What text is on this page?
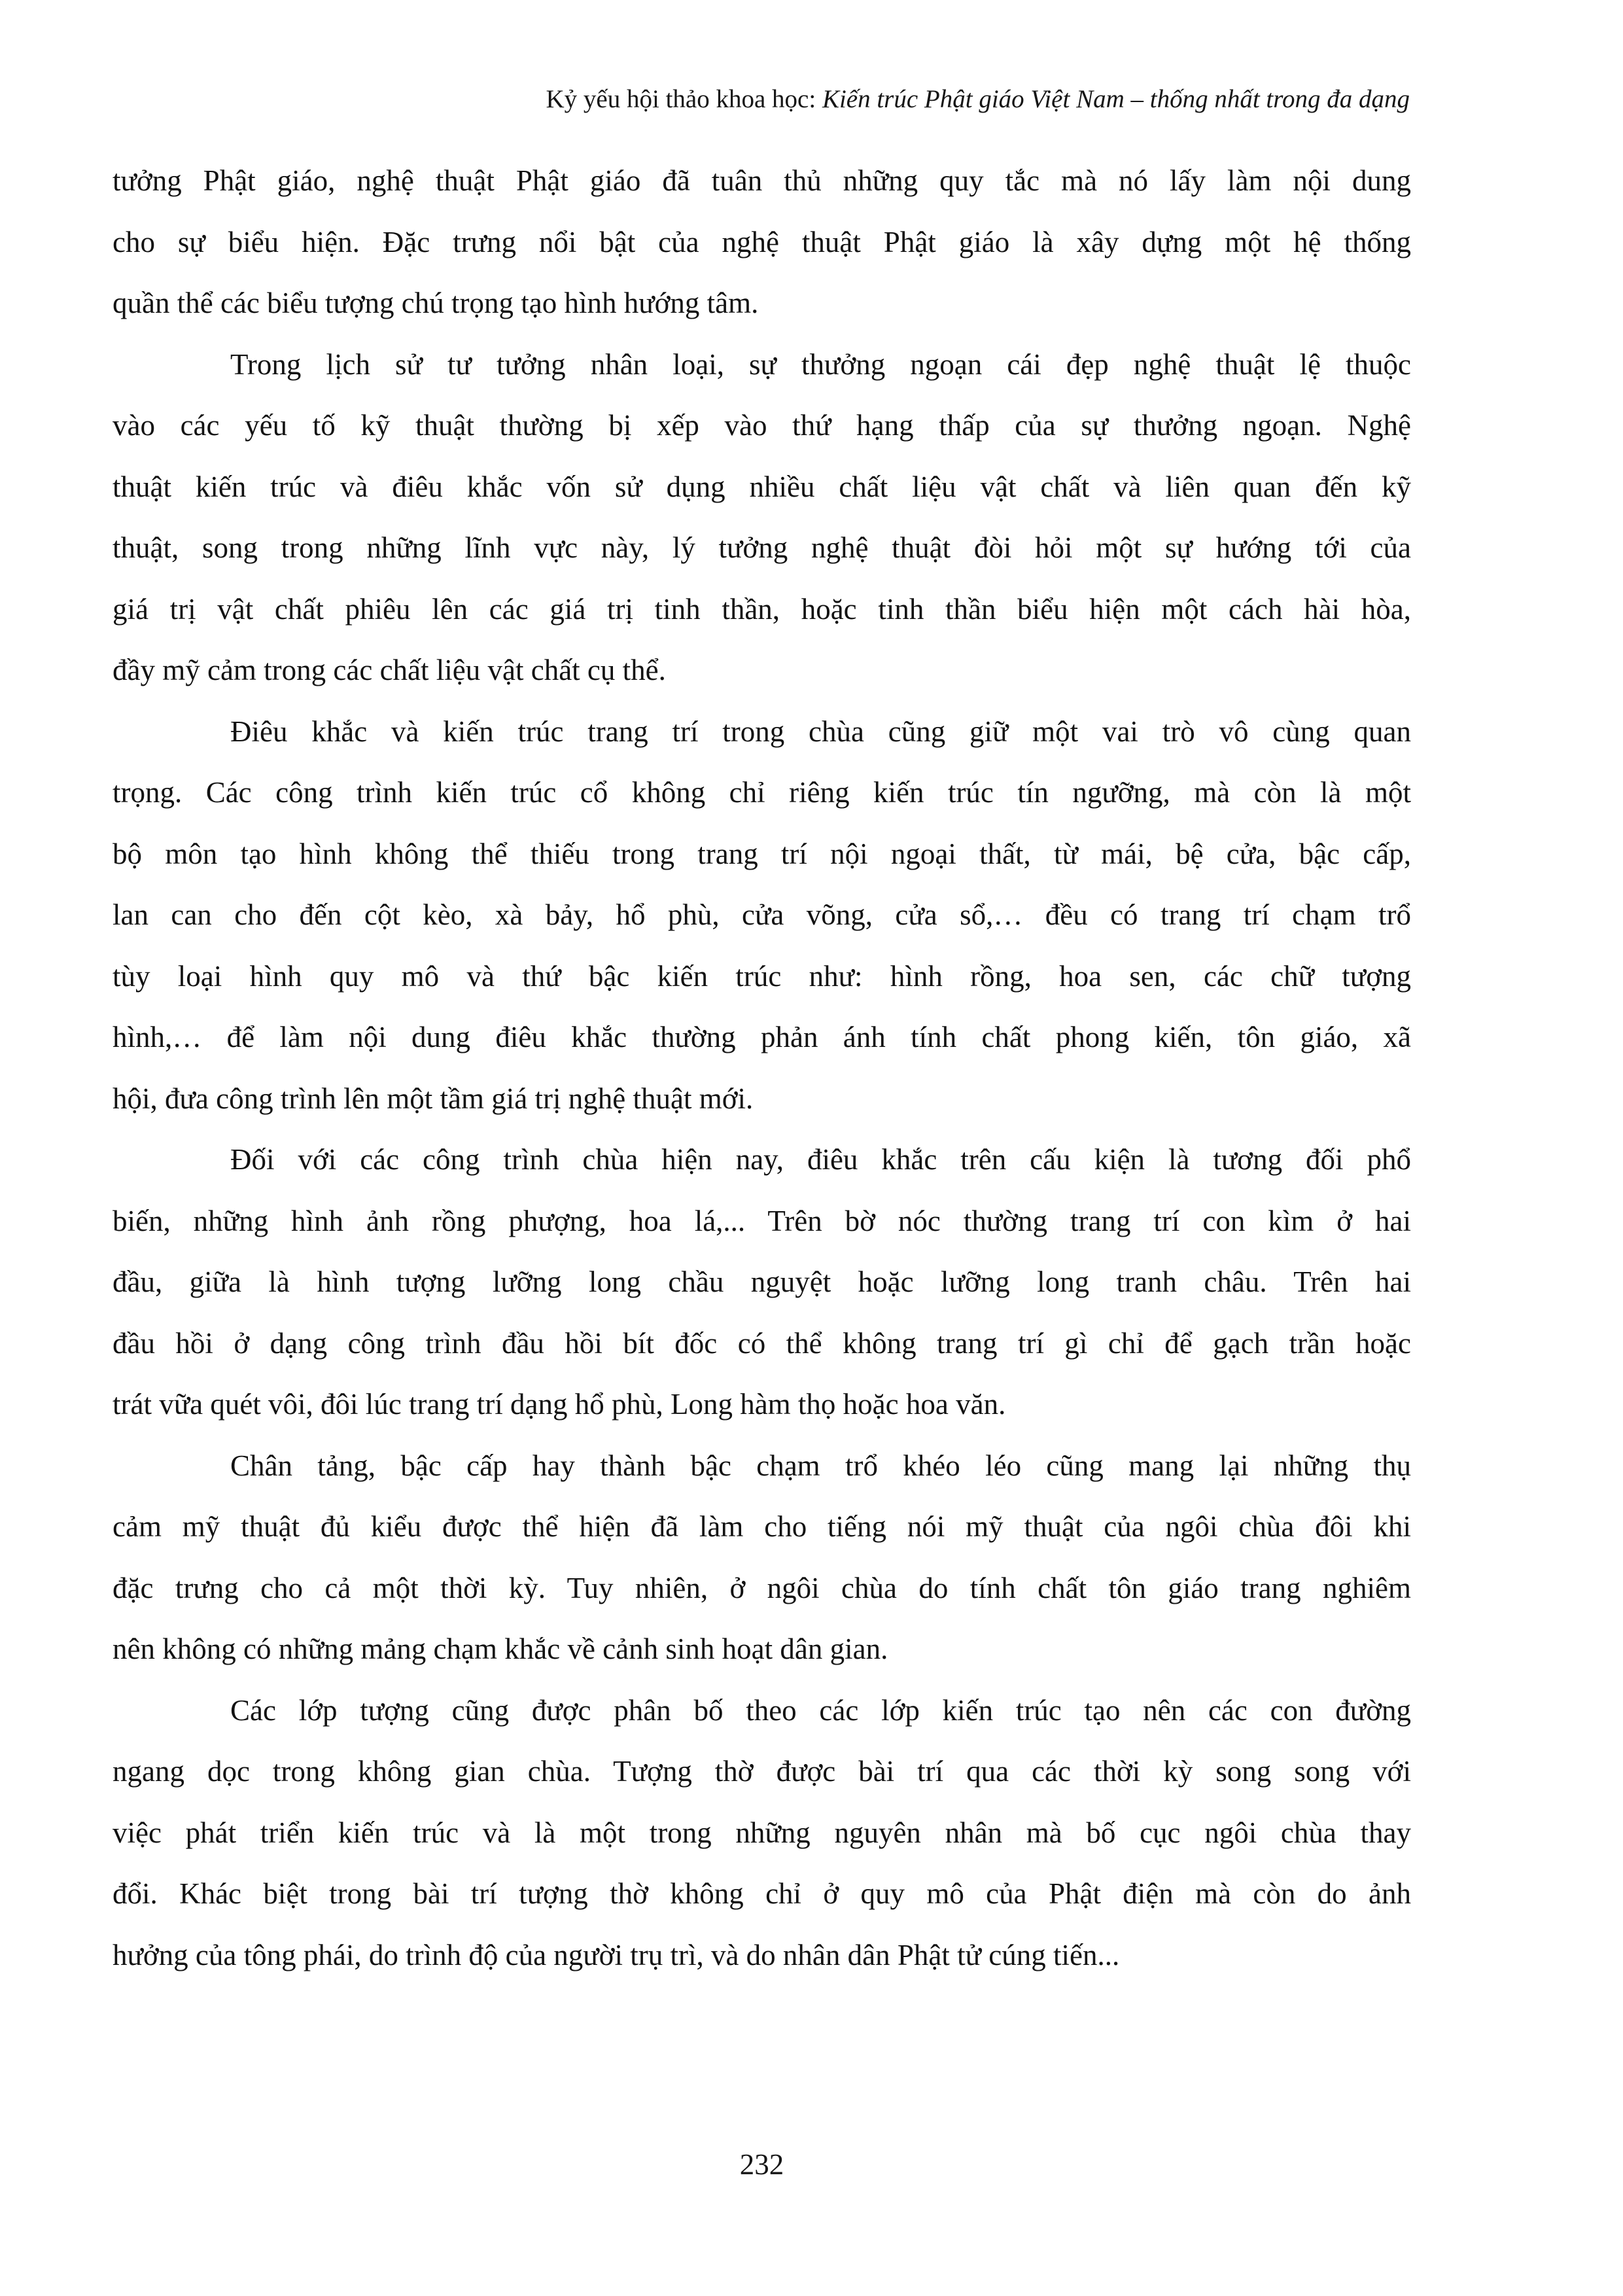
Kỷ yếu hội thảo khoa học: Kiến trúc Phật giáo Việt Nam – thống nhất trong đa dạng

tưởng Phật giáo, nghệ thuật Phật giáo đã tuân thủ những quy tắc mà nó lấy làm nội dung
cho sự biểu hiện. Đặc trưng nổi bật của nghệ thuật Phật giáo là xây dựng một hệ thống
quần thể các biểu tượng chú trọng tạo hình hướng tâm.

Trong lịch sử tư tưởng nhân loại, sự thưởng ngoạn cái đẹp nghệ thuật lệ thuộc
vào các yếu tố kỹ thuật thường bị xếp vào thứ hạng thấp của sự thưởng ngoạn. Nghệ
thuật kiến trúc và điêu khắc vốn sử dụng nhiều chất liệu vật chất và liên quan đến kỹ
thuật, song trong những lĩnh vực này, lý tưởng nghệ thuật đòi hỏi một sự hướng tới của
giá trị vật chất phiêu lên các giá trị tinh thần, hoặc tinh thần biểu hiện một cách hài hòa,
đầy mỹ cảm trong các chất liệu vật chất cụ thể.

Điêu khắc và kiến trúc trang trí trong chùa cũng giữ một vai trò vô cùng quan
trọng. Các công trình kiến trúc cổ không chỉ riêng kiến trúc tín ngưỡng, mà còn là một
bộ môn tạo hình không thể thiếu trong trang trí nội ngoại thất, từ mái, bệ cửa, bậc cấp,
lan can cho đến cột kèo, xà bảy, hổ phù, cửa võng, cửa sổ,… đều có trang trí chạm trổ
tùy loại hình quy mô và thứ bậc kiến trúc như: hình rồng, hoa sen, các chữ tượng
hình,… để làm nội dung điêu khắc thường phản ánh tính chất phong kiến, tôn giáo, xã
hội, đưa công trình lên một tầm giá trị nghệ thuật mới.

Đối với các công trình chùa hiện nay, điêu khắc trên cấu kiện là tương đối phổ
biến, những hình ảnh rồng phượng, hoa lá,... Trên bờ nóc thường trang trí con kìm ở hai
đầu, giữa là hình tượng lưỡng long chầu nguyệt hoặc lưỡng long tranh châu. Trên hai
đầu hồi ở dạng công trình đầu hồi bít đốc có thể không trang trí gì chỉ để gạch trần hoặc
trát vữa quét vôi, đôi lúc trang trí dạng hổ phù, Long hàm thọ hoặc hoa văn.

Chân tảng, bậc cấp hay thành bậc chạm trổ khéo léo cũng mang lại những thụ
cảm mỹ thuật đủ kiểu được thể hiện đã làm cho tiếng nói mỹ thuật của ngôi chùa đôi khi
đặc trưng cho cả một thời kỳ. Tuy nhiên, ở ngôi chùa do tính chất tôn giáo trang nghiêm
nên không có những mảng chạm khắc về cảnh sinh hoạt dân gian.

Các lớp tượng cũng được phân bố theo các lớp kiến trúc tạo nên các con đường
ngang dọc trong không gian chùa. Tượng thờ được bài trí qua các thời kỳ song song với
việc phát triển kiến trúc và là một trong những nguyên nhân mà bố cục ngôi chùa thay
đổi. Khác biệt trong bài trí tượng thờ không chỉ ở quy mô của Phật điện mà còn do ảnh
hưởng của tông phái, do trình độ của người trụ trì, và do nhân dân Phật tử cúng tiến...

232
